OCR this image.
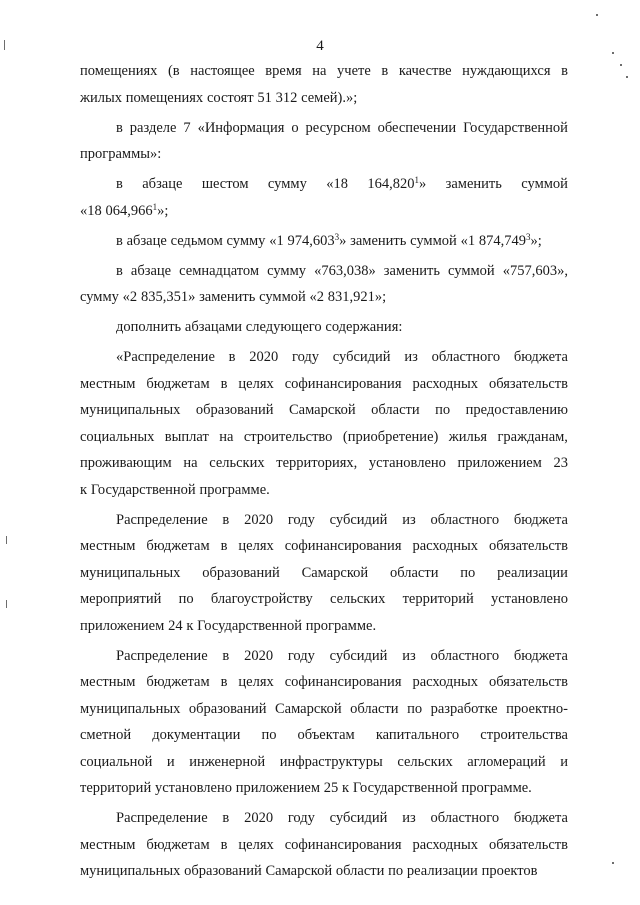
4
помещениях (в настоящее время на учете в качестве нуждающихся в
жилых помещениях состоят 51 312 семей).»;
в разделе 7 «Информация о ресурсном обеспечении Государственной
программы»:
в абзаце шестом сумму «18 164,820$^1$» заменить суммой
«18 064,966$^1$»;
в абзаце седьмом сумму «1 974,603$^3$» заменить суммой «1 874,749$^3$»;
в абзаце семнадцатом сумму «763,038» заменить суммой «757,603»,
сумму «2 835,351» заменить суммой «2 831,921»;
дополнить абзацами следующего содержания:
«Распределение в 2020 году субсидий из областного бюджета
местным бюджетам в целях софинансирования расходных обязательств
муниципальных образований Самарской области по предоставлению
социальных выплат на строительство (приобретение) жилья гражданам,
проживающим на сельских территориях, установлено приложением 23
к Государственной программе.
Распределение в 2020 году субсидий из областного бюджета
местным бюджетам в целях софинансирования расходных обязательств
муниципальных образований Самарской области по реализации
мероприятий по благоустройству сельских территорий установлено
приложением 24 к Государственной программе.
Распределение в 2020 году субсидий из областного бюджета
местным бюджетам в целях софинансирования расходных обязательств
муниципальных образований Самарской области по разработке проектно-
сметной документации по объектам капитального строительства
социальной и инженерной инфраструктуры сельских агломераций и
территорий установлено приложением 25 к Государственной программе.
Распределение в 2020 году субсидий из областного бюджета
местным бюджетам в целях софинансирования расходных обязательств
муниципальных образований Самарской области по реализации проектов
